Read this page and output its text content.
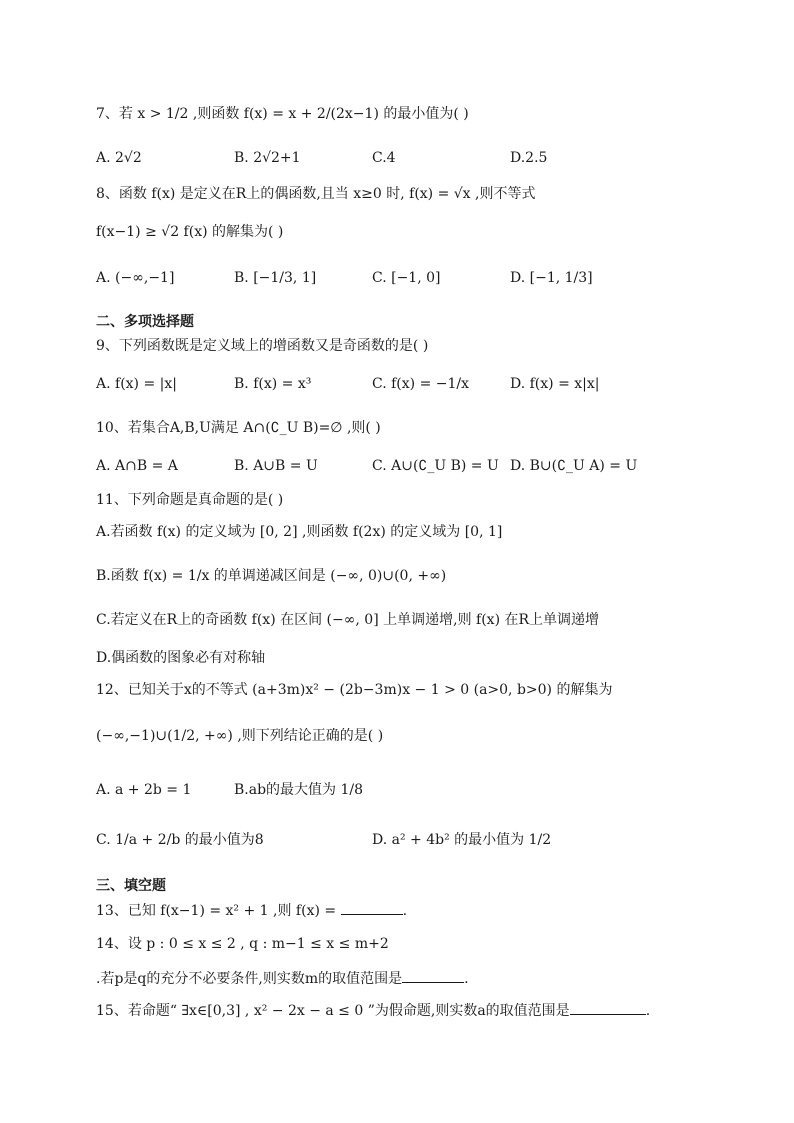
7、若 x > 1/2 ,则函数 f(x) = x + 2/(2x−1) 的最小值为( )
A. 2√2	B. 2√2+1	C.4	D.2.5
8、函数 f(x) 是定义在R上的偶函数,且当 x≥0 时, f(x) = √x ,则不等式
f(x−1) ≥ √2 f(x) 的解集为( )
A. (−∞,−1]	B. [−1/3, 1]	C. [−1, 0]	D. [−1, 1/3]
二、多项选择题
9、下列函数既是定义域上的增函数又是奇函数的是( )
A. f(x) = |x|	B. f(x) = x³	C. f(x) = −1/x	D. f(x) = x|x|
10、若集合A,B,U满足 A∩(∁_U B)=∅ ,则( )
A. A∩B = A	B. A∪B = U	C. A∪(∁_U B) = U D. B∪(∁_U A) = U
11、下列命题是真命题的是( )
A.若函数 f(x) 的定义域为 [0, 2] ,则函数 f(2x) 的定义域为 [0, 1]
B.函数 f(x) = 1/x 的单调递减区间是 (−∞, 0)∪(0, +∞)
C.若定义在R上的奇函数 f(x) 在区间 (−∞, 0] 上单调递增,则 f(x) 在R上单调递增
D.偶函数的图象必有对称轴
12、已知关于x的不等式 (a+3m)x² − (2b−3m)x − 1 > 0 (a>0, b>0) 的解集为
(−∞,−1)∪(1/2, +∞) ,则下列结论正确的是( )
A. a + 2b = 1	B.ab的最大值为 1/8
C. 1/a + 2/b 的最小值为8	D. a² + 4b² 的最小值为 1/2
三、填空题
13、已知 f(x−1) = x² + 1 ,则 f(x) =	.
14、设 p : 0 ≤ x ≤ 2 , q : m−1 ≤ x ≤ m+2
.若p是q的充分不必要条件,则实数m的取值范围是	.
15、若命题“ ∃x∈[0,3] , x² − 2x − a ≤ 0 ”为假命题,则实数a的取值范围是	.
